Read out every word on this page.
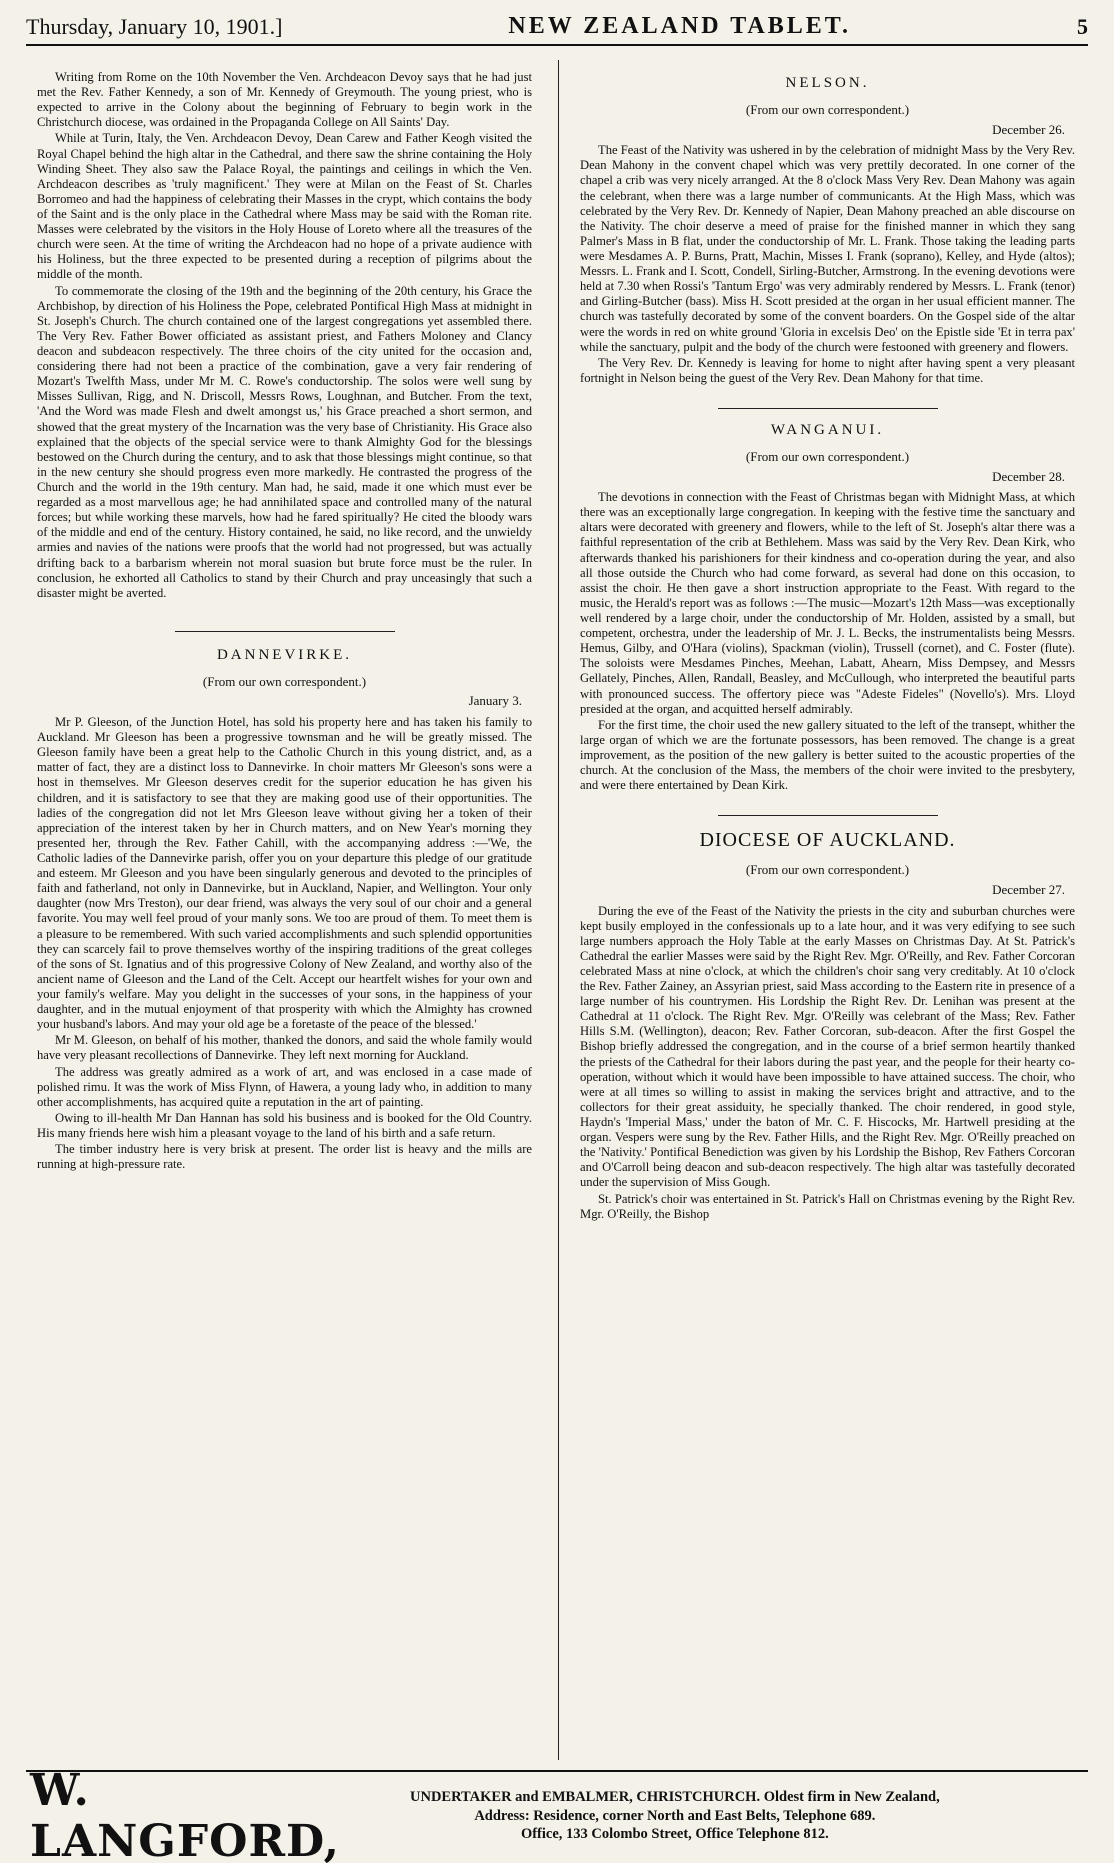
Thursday, January 10, 1901.]	NEW ZEALAND TABLET.	5

Writing from Rome on the 10th November the Ven. Archdeacon Devoy says that he had just met the Rev. Father Kennedy, a son of Mr. Kennedy of Greymouth. The young priest, who is expected to arrive in the Colony about the beginning of February to begin work in the Christchurch diocese, was ordained in the Propaganda College on All Saints' Day.

While at Turin, Italy, the Ven. Archdeacon Devoy, Dean Carew and Father Keogh visited the Royal Chapel behind the high altar in the Cathedral, and there saw the shrine containing the Holy Winding Sheet. They also saw the Palace Royal, the paintings and ceilings in which the Ven. Archdeacon describes as 'truly magnificent.' They were at Milan on the Feast of St. Charles Borromeo and had the happiness of celebrating their Masses in the crypt, which contains the body of the Saint and is the only place in the Cathedral where Mass may be said with the Roman rite. Masses were celebrated by the visitors in the Holy House of Loreto where all the treasures of the church were seen. At the time of writing the Archdeacon had no hope of a private audience with his Holiness, but the three expected to be presented during a reception of pilgrims about the middle of the month.

To commemorate the closing of the 19th and the beginning of the 20th century, his Grace the Archbishop, by direction of his Holiness the Pope, celebrated Pontifical High Mass at midnight in St. Joseph's Church. The church contained one of the largest congregations yet assembled there. The Very Rev. Father Bower officiated as assistant priest, and Fathers Moloney and Clancy deacon and subdeacon respectively. The three choirs of the city united for the occasion and, considering there had not been a practice of the combination, gave a very fair rendering of Mozart's Twelfth Mass, under Mr M. C. Rowe's conductorship. The solos were well sung by Misses Sullivan, Rigg, and N. Driscoll, Messrs Rows, Loughnan, and Butcher. From the text, 'And the Word was made Flesh and dwelt amongst us,' his Grace preached a short sermon, and showed that the great mystery of the Incarnation was the very base of Christianity. His Grace also explained that the objects of the special service were to thank Almighty God for the blessings bestowed on the Church during the century, and to ask that those blessings might continue, so that in the new century she should progress even more markedly. He contrasted the progress of the Church and the world in the 19th century. Man had, he said, made it one which must ever be regarded as a most marvellous age; he had annihilated space and controlled many of the natural forces; but while working these marvels, how had he fared spiritually? He cited the bloody wars of the middle and end of the century. History contained, he said, no like record, and the unwieldy armies and navies of the nations were proofs that the world had not progressed, but was actually drifting back to a barbarism wherein not moral suasion but brute force must be the ruler. In conclusion, he exhorted all Catholics to stand by their Church and pray unceasingly that such a disaster might be averted.

DANNEVIRKE.
(From our own correspondent.)
January 3.

Mr P. Gleeson, of the Junction Hotel, has sold his property here and has taken his family to Auckland. Mr Gleeson has been a progressive townsman and he will be greatly missed. The Gleeson family have been a great help to the Catholic Church in this young district, and, as a matter of fact, they are a distinct loss to Dannevirke. In choir matters Mr Gleeson's sons were a host in themselves. Mr Gleeson deserves credit for the superior education he has given his children, and it is satisfactory to see that they are making good use of their opportunities. The ladies of the congregation did not let Mrs Gleeson leave without giving her a token of their appreciation of the interest taken by her in Church matters, and on New Year's morning they presented her, through the Rev. Father Cahill, with the accompanying address :—'We, the Catholic ladies of the Dannevirke parish, offer you on your departure this pledge of our gratitude and esteem. Mr Gleeson and you have been singularly generous and devoted to the principles of faith and fatherland, not only in Dannevirke, but in Auckland, Napier, and Wellington. Your only daughter (now Mrs Treston), our dear friend, was always the very soul of our choir and a general favorite. You may well feel proud of your manly sons. We too are proud of them. To meet them is a pleasure to be remembered. With such varied accomplishments and such splendid opportunities they can scarcely fail to prove themselves worthy of the inspiring traditions of the great colleges of the sons of St. Ignatius and of this progressive Colony of New Zealand, and worthy also of the ancient name of Gleeson and the Land of the Celt. Accept our heartfelt wishes for your own and your family's welfare. May you delight in the successes of your sons, in the happiness of your daughter, and in the mutual enjoyment of that prosperity with which the Almighty has crowned your husband's labors. And may your old age be a foretaste of the peace of the blessed.'

Mr M. Gleeson, on behalf of his mother, thanked the donors, and said the whole family would have very pleasant recollections of Dannevirke. They left next morning for Auckland.

The address was greatly admired as a work of art, and was enclosed in a case made of polished rimu. It was the work of Miss Flynn, of Hawera, a young lady who, in addition to many other accomplishments, has acquired quite a reputation in the art of painting.

Owing to ill-health Mr Dan Hannan has sold his business and is booked for the Old Country. His many friends here wish him a pleasant voyage to the land of his birth and a safe return.

The timber industry here is very brisk at present. The order list is heavy and the mills are running at high-pressure rate.

NELSON.
(From our own correspondent.)
December 26.

The Feast of the Nativity was ushered in by the celebration of midnight Mass by the Very Rev. Dean Mahony in the convent chapel which was very prettily decorated. In one corner of the chapel a crib was very nicely arranged. At the 8 o'clock Mass Very Rev. Dean Mahony was again the celebrant, when there was a large number of communicants. At the High Mass, which was celebrated by the Very Rev. Dr. Kennedy of Napier, Dean Mahony preached an able discourse on the Nativity. The choir deserve a meed of praise for the finished manner in which they sang Palmer's Mass in B flat, under the conductorship of Mr. L. Frank. Those taking the leading parts were Mesdames A. P. Burns, Pratt, Machin, Misses I. Frank (soprano), Kelley, and Hyde (altos); Messrs. L. Frank and I. Scott, Condell, Sirling-Butcher, Armstrong. In the evening devotions were held at 7.30 when Rossi's 'Tantum Ergo' was very admirably rendered by Messrs. L. Frank (tenor) and Girling-Butcher (bass). Miss H. Scott presided at the organ in her usual efficient manner. The church was tastefully decorated by some of the convent boarders. On the Gospel side of the altar were the words in red on white ground 'Gloria in excelsis Deo' on the Epistle side 'Et in terra pax' while the sanctuary, pulpit and the body of the church were festooned with greenery and flowers.

The Very Rev. Dr. Kennedy is leaving for home to night after having spent a very pleasant fortnight in Nelson being the guest of the Very Rev. Dean Mahony for that time.

WANGANUI.
(From our own correspondent.)
December 28.

The devotions in connection with the Feast of Christmas began with Midnight Mass, at which there was an exceptionally large congregation. In keeping with the festive time the sanctuary and altars were decorated with greenery and flowers, while to the left of St. Joseph's altar there was a faithful representation of the crib at Bethlehem. Mass was said by the Very Rev. Dean Kirk, who afterwards thanked his parishioners for their kindness and co-operation during the year, and also all those outside the Church who had come forward, as several had done on this occasion, to assist the choir. He then gave a short instruction appropriate to the Feast. With regard to the music, the Herald's report was as follows :—The music—Mozart's 12th Mass—was exceptionally well rendered by a large choir, under the conductorship of Mr. Holden, assisted by a small, but competent, orchestra, under the leadership of Mr. J. L. Becks, the instrumentalists being Messrs. Hemus, Gilby, and O'Hara (violins), Spackman (violin), Trussell (cornet), and C. Foster (flute). The soloists were Mesdames Pinches, Meehan, Labatt, Ahearn, Miss Dempsey, and Messrs Gellately, Pinches, Allen, Randall, Beasley, and McCullough, who interpreted the beautiful parts with pronounced success. The offertory piece was "Adeste Fideles" (Novello's). Mrs. Lloyd presided at the organ, and acquitted herself admirably.

For the first time, the choir used the new gallery situated to the left of the transept, whither the large organ of which we are the fortunate possessors, has been removed. The change is a great improvement, as the position of the new gallery is better suited to the acoustic properties of the church. At the conclusion of the Mass, the members of the choir were invited to the presbytery, and were there entertained by Dean Kirk.

DIOCESE OF AUCKLAND.
(From our own correspondent.)
December 27.

During the eve of the Feast of the Nativity the priests in the city and suburban churches were kept busily employed in the confessionals up to a late hour, and it was very edifying to see such large numbers approach the Holy Table at the early Masses on Christmas Day. At St. Patrick's Cathedral the earlier Masses were said by the Right Rev. Mgr. O'Reilly, and Rev. Father Corcoran celebrated Mass at nine o'clock, at which the children's choir sang very creditably. At 10 o'clock the Rev. Father Zainey, an Assyrian priest, said Mass according to the Eastern rite in presence of a large number of his countrymen. His Lordship the Right Rev. Dr. Lenihan was present at the Cathedral at 11 o'clock. The Right Rev. Mgr. O'Reilly was celebrant of the Mass; Rev. Father Hills S.M. (Wellington), deacon; Rev. Father Corcoran, sub-deacon. After the first Gospel the Bishop briefly addressed the congregation, and in the course of a brief sermon heartily thanked the priests of the Cathedral for their labors during the past year, and the people for their hearty co-operation, without which it would have been impossible to have attained success. The choir, who were at all times so willing to assist in making the services bright and attractive, and to the collectors for their great assiduity, he specially thanked. The choir rendered, in good style, Haydn's 'Imperial Mass,' under the baton of Mr. C. F. Hiscocks, Mr. Hartwell presiding at the organ. Vespers were sung by the Rev. Father Hills, and the Right Rev. Mgr. O'Reilly preached on the 'Nativity.' Pontifical Benediction was given by his Lordship the Bishop, Rev Fathers Corcoran and O'Carroll being deacon and sub-deacon respectively. The high altar was tastefully decorated under the supervision of Miss Gough.

St. Patrick's choir was entertained in St. Patrick's Hall on Christmas evening by the Right Rev. Mgr. O'Reilly, the Bishop

W. LANGFORD,
UNDERTAKER and EMBALMER, CHRISTCHURCH. Oldest firm in New Zealand,
Address: Residence, corner North and East Belts, Telephone 689.
Office, 133 Colombo Street, Office Telephone 812.
